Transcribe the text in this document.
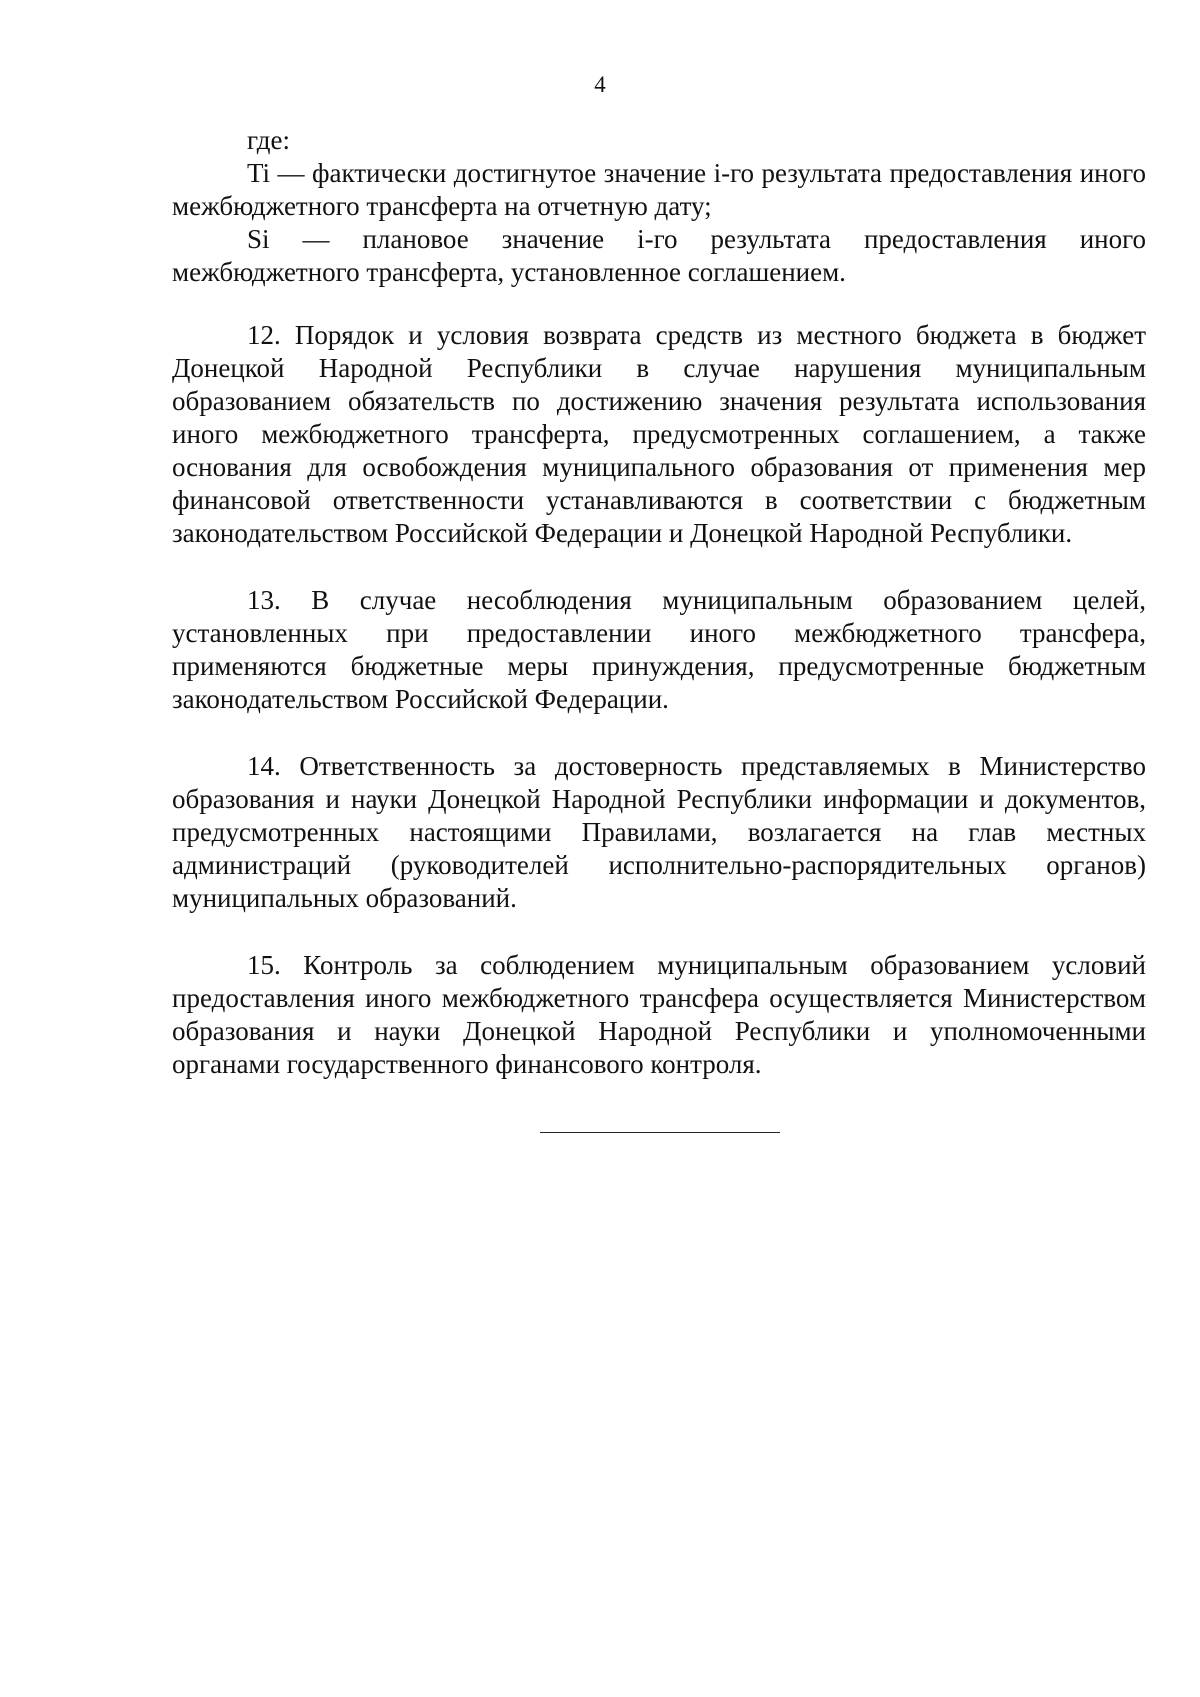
4

где:

Ti — фактически достигнутое значение i-го результата предоставления иного межбюджетного трансферта на отчетную дату;

Si — плановое значение i-го результата предоставления иного межбюджетного трансферта, установленное соглашением.

12. Порядок и условия возврата средств из местного бюджета в бюджет Донецкой Народной Республики в случае нарушения муниципальным образованием обязательств по достижению значения результата использования иного межбюджетного трансферта, предусмотренных соглашением, а также основания для освобождения муниципального образования от применения мер финансовой ответственности устанавливаются в соответствии с бюджетным законодательством Российской Федерации и Донецкой Народной Республики.

13. В случае несоблюдения муниципальным образованием целей, установленных при предоставлении иного межбюджетного трансфера, применяются бюджетные меры принуждения, предусмотренные бюджетным законодательством Российской Федерации.

14. Ответственность за достоверность представляемых в Министерство образования и науки Донецкой Народной Республики информации и документов, предусмотренных настоящими Правилами, возлагается на глав местных администраций (руководителей исполнительно-распорядительных органов) муниципальных образований.

15. Контроль за соблюдением муниципальным образованием условий предоставления иного межбюджетного трансфера осуществляется Министерством образования и науки Донецкой Народной Республики и уполномоченными органами государственного финансового контроля.
